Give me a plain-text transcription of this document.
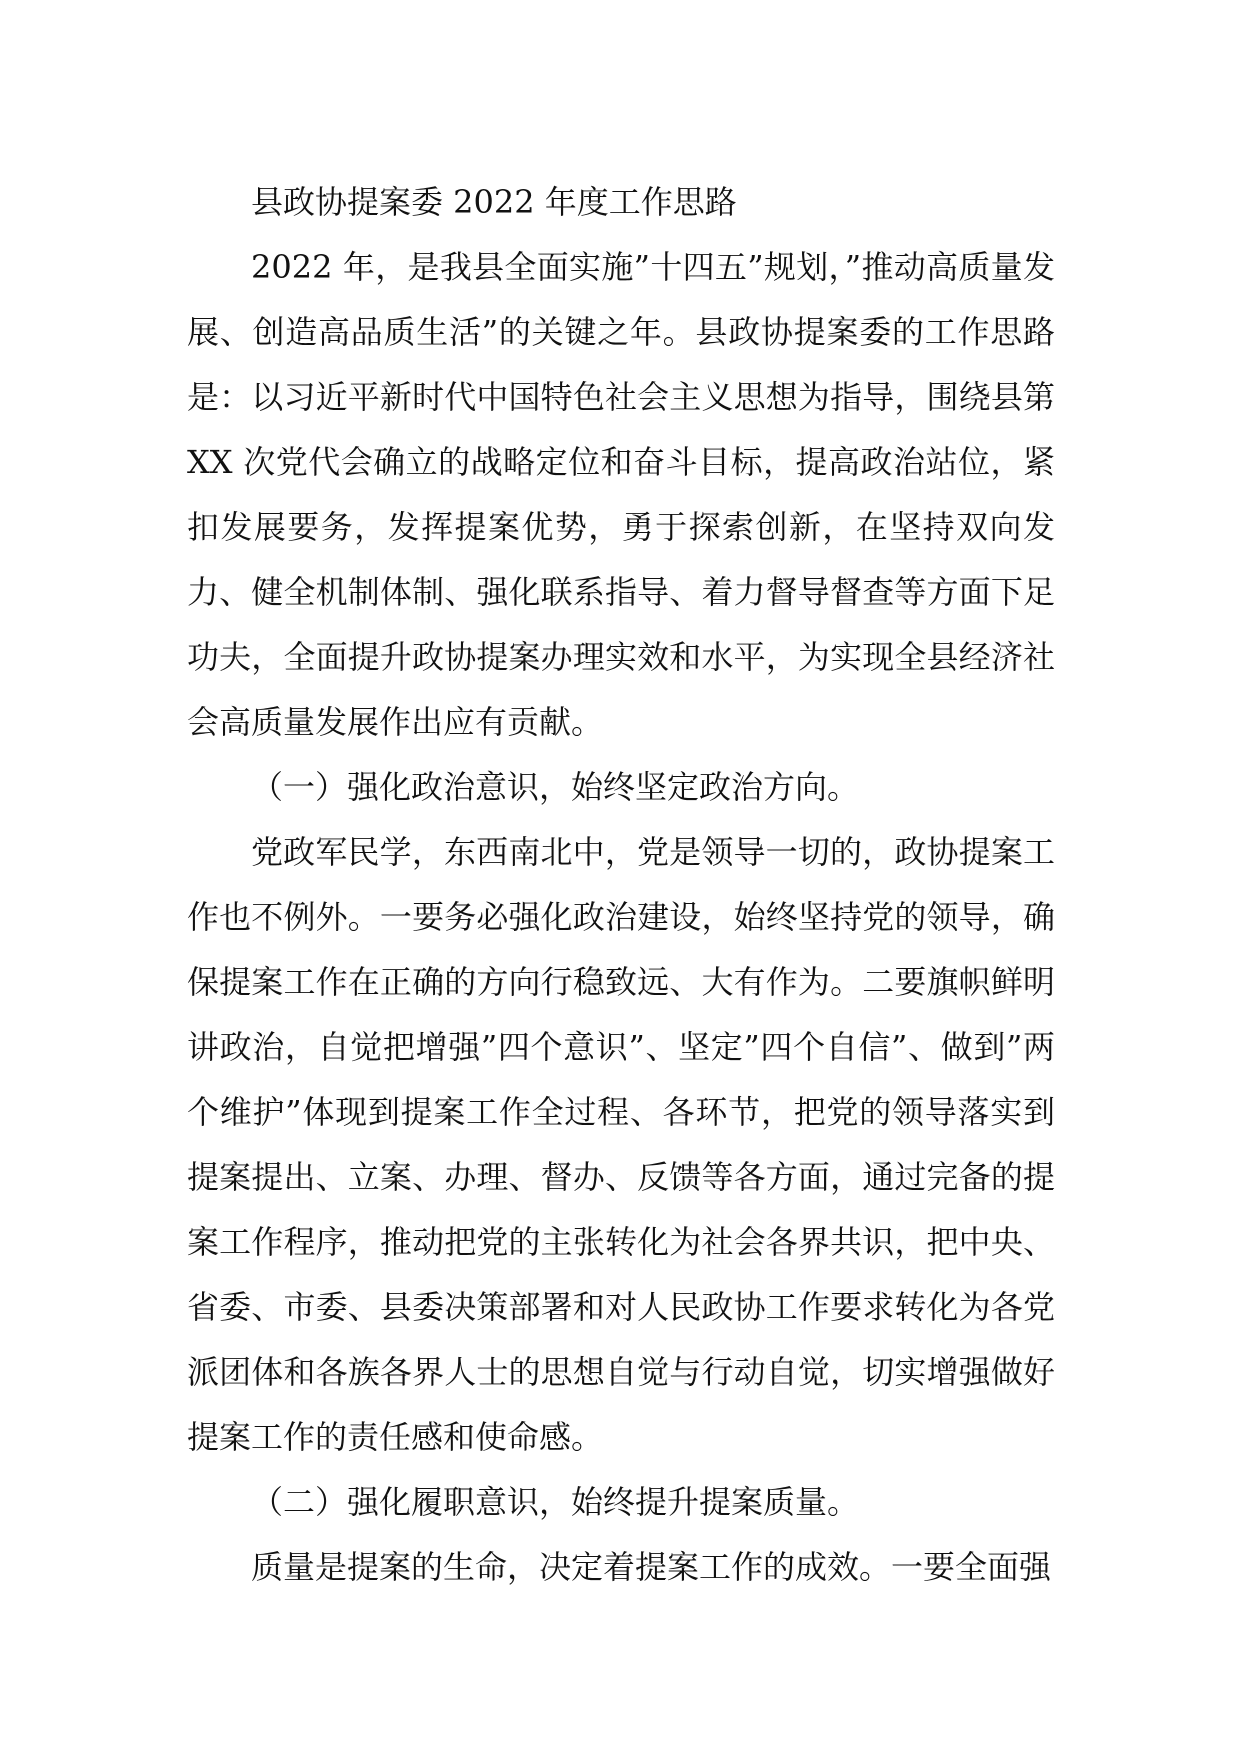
县政协提案委 2022 年度工作思路

2022 年，是我县全面实施”十四五”规划，”推动高质量发展、创造高品质生活”的关键之年。县政协提案委的工作思路是：以习近平新时代中国特色社会主义思想为指导，围绕县第 XX 次党代会确立的战略定位和奋斗目标，提高政治站位，紧扣发展要务，发挥提案优势，勇于探索创新，在坚持双向发力、健全机制体制、强化联系指导、着力督导督查等方面下足功夫，全面提升政协提案办理实效和水平，为实现全县经济社会高质量发展作出应有贡献。

（一）强化政治意识，始终坚定政治方向。

党政军民学，东西南北中，党是领导一切的，政协提案工作也不例外。一要务必强化政治建设，始终坚持党的领导，确保提案工作在正确的方向行稳致远、大有作为。二要旗帜鲜明讲政治，自觉把增强”四个意识”、坚定”四个自信”、做到”两个维护”体现到提案工作全过程、各环节，把党的领导落实到提案提出、立案、办理、督办、反馈等各方面，通过完备的提案工作程序，推动把党的主张转化为社会各界共识，把中央、省委、市委、县委决策部署和对人民政协工作要求转化为各党派团体和各族各界人士的思想自觉与行动自觉，切实增强做好提案工作的责任感和使命感。

（二）强化履职意识，始终提升提案质量。

质量是提案的生命，决定着提案工作的成效。一要全面强
